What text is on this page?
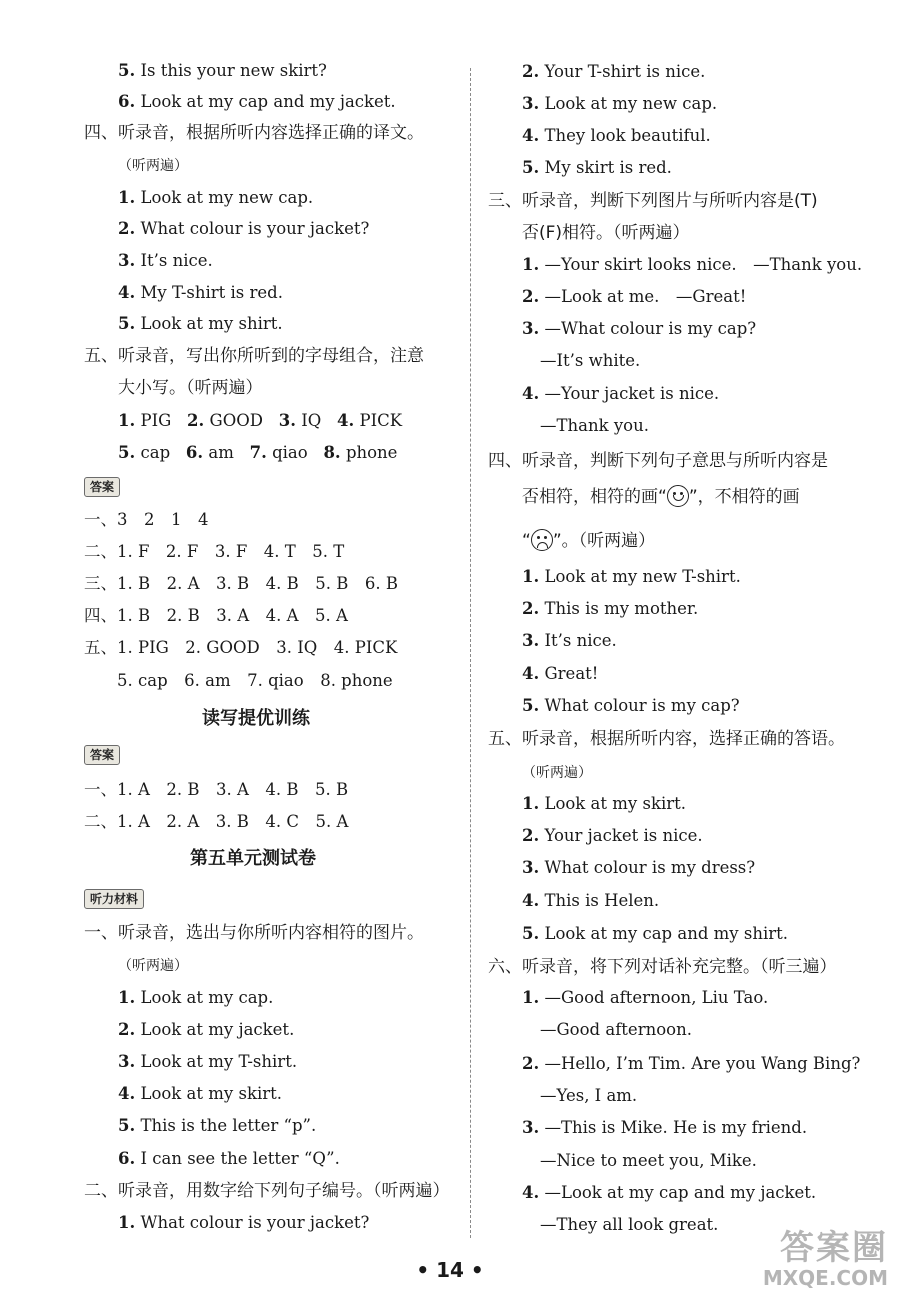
5. Is this your new skirt?
6. Look at my cap and my jacket.
四、听录音，根据所听内容选择正确的译文。
（听两遍）
1. Look at my new cap.
2. What colour is your jacket?
3. It’s nice.
4. My T-shirt is red.
5. Look at my shirt.
五、听录音，写出你所听到的字母组合，注意
大小写。（听两遍）
1. PIG 2. GOOD 3. IQ 4. PICK
5. cap 6. am 7. qiao 8. phone
答案
一、3　2　1　4
二、1. F　2. F　3. F　4. T　5. T
三、1. B　2. A　3. B　4. B　5. B　6. B
四、1. B　2. B　3. A　4. A　5. A
五、1. PIG　2. GOOD　3. IQ　4. PICK
　　5. cap　6. am　7. qiao　8. phone
读写提优训练
答案
一、1. A　2. B　3. A　4. B　5. B
二、1. A　2. A　3. B　4. C　5. A
第五单元测试卷
听力材料
一、听录音，选出与你所听内容相符的图片。
（听两遍）
1. Look at my cap.
2. Look at my jacket.
3. Look at my T-shirt.
4. Look at my skirt.
5. This is the letter “p”.
6. I can see the letter “Q”.
二、听录音，用数字给下列句子编号。（听两遍）
1. What colour is your jacket?
2. Your T-shirt is nice.
3. Look at my new cap.
4. They look beautiful.
5. My skirt is red.
三、听录音，判断下列图片与所听内容是(T)
否(F)相符。（听两遍）
1. —Your skirt looks nice.　—Thank you.
2. —Look at me.　—Great!
3. —What colour is my cap?
—It’s white.
4. —Your jacket is nice.
—Thank you.
四、听录音，判断下列句子意思与所听内容是
否相符，相符的画“ ”，不相符的画
“ ”。（听两遍）
1. Look at my new T-shirt.
2. This is my mother.
3. It’s nice.
4. Great!
5. What colour is my cap?
五、听录音，根据所听内容，选择正确的答语。
（听两遍）
1. Look at my skirt.
2. Your jacket is nice.
3. What colour is my dress?
4. This is Helen.
5. Look at my cap and my shirt.
六、听录音，将下列对话补充完整。（听三遍）
1. —Good afternoon, Liu Tao.
—Good afternoon.
2. —Hello, I’m Tim. Are you Wang Bing?
—Yes, I am.
3. —This is Mike. He is my friend.
—Nice to meet you, Mike.
4. —Look at my cap and my jacket.
—They all look great.
• 14 •
答案圈
MXQE.COM
